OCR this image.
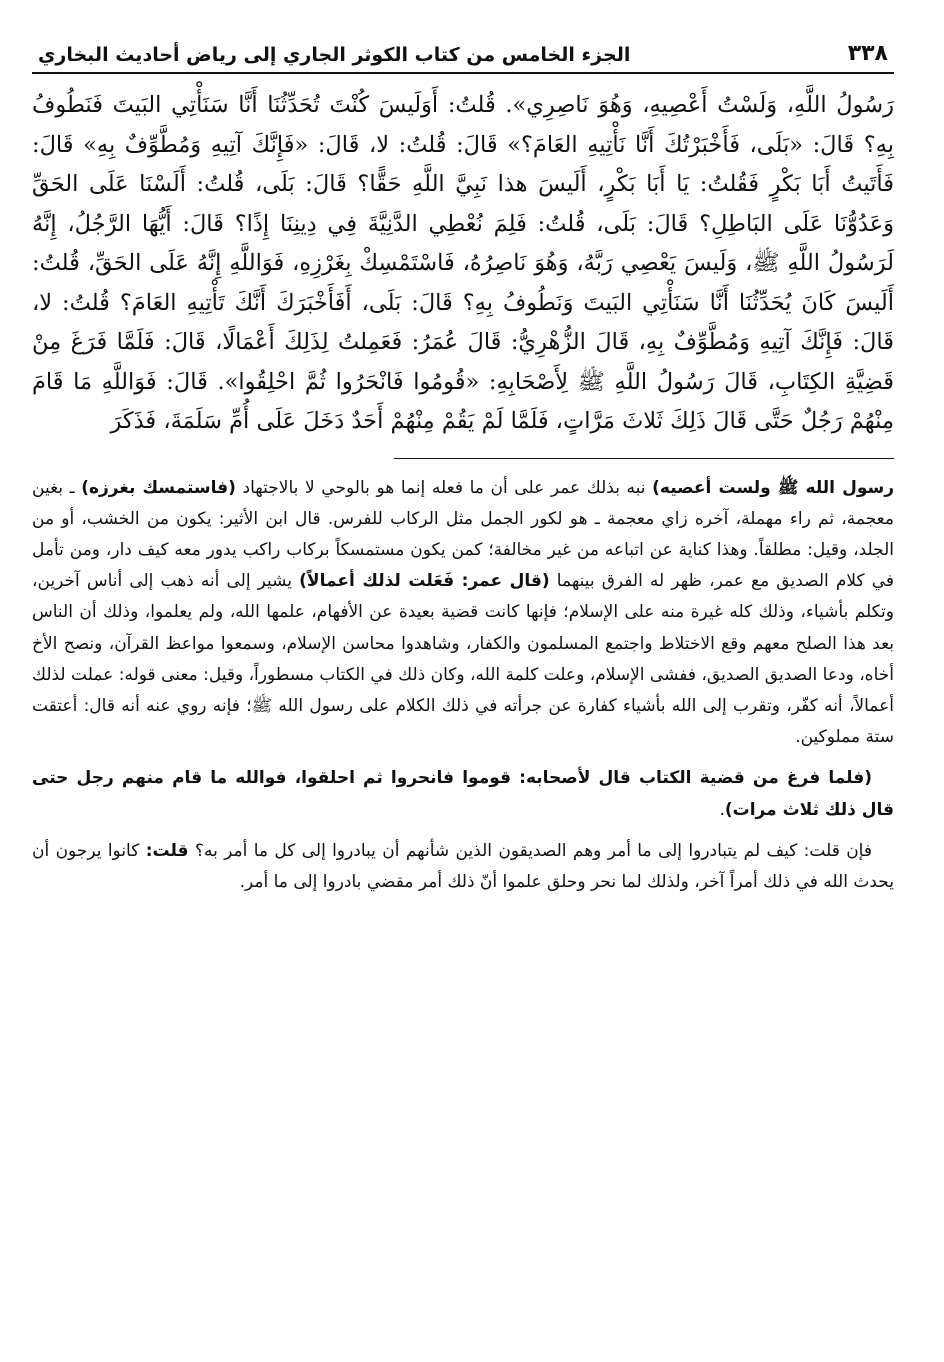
٣٣٨
الجزء الخامس من كتاب الكوثر الجاري إلى رياض أحاديث البخاري
رَسُولُ اللَّهِ، وَلَسْتُ أَعْصِيهِ، وَهُوَ نَاصِرِي». قُلتُ: أَوَلَيسَ كُنْتَ تُحَدِّثُنَا أَنَّا سَنَأْتِي البَيتَ فَنَطُوفُ بِهِ؟ قَالَ: «بَلَى، فَأَخْبَرْتُكَ أَنَّا نَأْتِيهِ العَامَ؟» قَالَ: قُلتُ: لا، قَالَ: «فَإِنَّكَ آتِيهِ وَمُطَّوِّفٌ بِهِ» قَالَ: فَأَتَيتُ أَبَا بَكْرٍ فَقُلتُ: يَا أَبَا بَكْرٍ، أَلَيسَ هذا نَبِيَّ اللَّهِ حَقًّا؟ قَالَ: بَلَى، قُلتُ: أَلَسْنَا عَلَى الحَقِّ وَعَدُوُّنَا عَلَى البَاطِلِ؟ قَالَ: بَلَى، قُلتُ: فَلِمَ نُعْطِي الدَّنِيَّةَ فِي دِينِنَا إِذًا؟ قَالَ: أَيُّهَا الرَّجُلُ، إِنَّهُ لَرَسُولُ اللَّهِ ﷺ، وَلَيسَ يَعْصِي رَبَّهُ، وَهُوَ نَاصِرُهُ، فَاسْتَمْسِكْ بِغَرْزِهِ، فَوَاللَّهِ إِنَّهُ عَلَى الحَقِّ، قُلتُ: أَلَيسَ كَانَ يُحَدِّثُنَا أَنَّا سَنَأْتِي البَيتَ وَنَطُوفُ بِهِ؟ قَالَ: بَلَى، أَفَأَخْبَرَكَ أَنَّكَ تَأْتِيهِ العَامَ؟ قُلتُ: لا، قَالَ: فَإِنَّكَ آتِيهِ وَمُطَّوِّفٌ بِهِ، قَالَ الزُّهْرِيُّ: قَالَ عُمَرُ: فَعَمِلتُ لِذَلِكَ أَعْمَالًا، قَالَ: فَلَمَّا فَرَغَ مِنْ قَضِيَّةِ الكِتَابِ، قَالَ رَسُولُ اللَّهِ ﷺ لِأَصْحَابِهِ: «قُومُوا فَانْحَرُوا ثُمَّ احْلِقُوا». قَالَ: فَوَاللَّهِ مَا قَامَ مِنْهُمْ رَجُلٌ حَتَّى قَالَ ذَلِكَ ثَلاثَ مَرَّاتٍ، فَلَمَّا لَمْ يَقُمْ مِنْهُمْ أَحَدٌ دَخَلَ عَلَى أُمِّ سَلَمَةَ، فَذَكَرَ

رسول الله ﷺ ولست أعصيه) نبه بذلك عمر على أن ما فعله إنما هو بالوحي لا بالاجتهاد (فاستمسك بغرزه) ـ بغين معجمة، ثم راء مهملة، آخره زاي معجمة ـ هو لكور الجمل مثل الركاب للفرس. قال ابن الأثير: يكون من الخشب، أو من الجلد، وقيل: مطلقاً. وهذا كناية عن اتباعه من غير مخالفة؛ كمن يكون مستمسكاً بركاب راكب يدور معه كيف دار، ومن تأمل في كلام الصديق مع عمر، ظهر له الفرق بينهما (قال عمر: فَعَلت لذلك أعمالاً) يشير إلى أنه ذهب إلى أناس آخرين، وتكلم بأشياء، وذلك كله غيرة منه على الإسلام؛ فإنها كانت قضية بعيدة عن الأفهام، علمها الله، ولم يعلموا، وذلك أن الناس بعد هذا الصلح معهم وقع الاختلاط واجتمع المسلمون والكفار، وشاهدوا محاسن الإسلام، وسمعوا مواعظ القرآن، ونصح الأخ أخاه، ودعا الصديق الصديق، ففشى الإسلام، وعلت كلمة الله، وكان ذلك في الكتاب مسطوراً، وقيل: معنى قوله: عملت لذلك أعمالاً، أنه كفّر، وتقرب إلى الله بأشياء كفارة عن جرأته في ذلك الكلام على رسول الله ﷺ؛ فإنه روي عنه أنه قال: أعتقت ستة مملوكين.

(فلما فرغ من قضية الكتاب قال لأصحابه: قوموا فانحروا ثم احلقوا، فوالله ما قام منهم رجل حتى قال ذلك ثلاث مرات).

فإن قلت: كيف لم يتبادروا إلى ما أمر وهم الصديقون الذين شأنهم أن يبادروا إلى كل ما أمر به؟ قلت: كانوا يرجون أن يحدث الله في ذلك أمراً آخر، ولذلك لما نحر وحلق علموا أنّ ذلك أمر مقضي بادروا إلى ما أمر.
